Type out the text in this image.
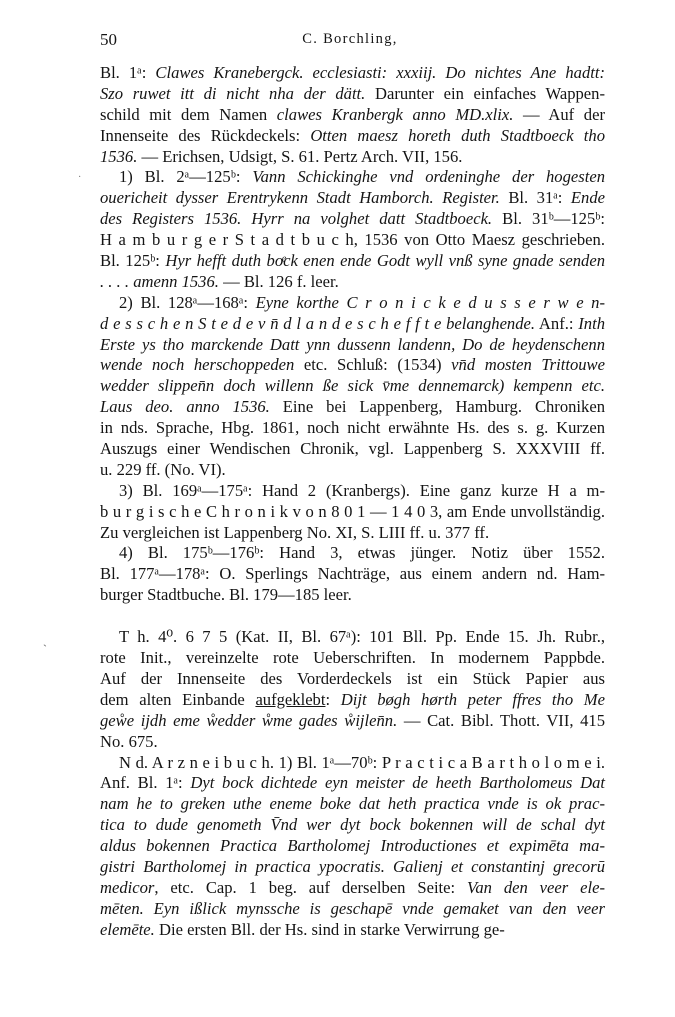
50	C. Borchling,
Bl. 1ᵃ: Clawes Kranebergck. ecclesiasti: xxxiij. Do nichtes Ane hadtt:
Szo ruwet itt di nicht nha der dätt. Darunter ein einfaches Wappen-
schild mit dem Namen clawes Kranbergk anno MD.xlix. — Auf der
Innenseite des Rückdeckels: Otten maesz horeth duth Stadtboeck tho
1536. — Erichsen, Udsigt, S. 61. Pertz Arch. VII, 156.
1) Bl. 2ᵃ—125ᵇ: Vann Schickinghe vnd ordeninghe der hogesten
ouericheit dysser Erentrykenn Stadt Hamborch. Register. Bl. 31ᵃ: Ende
des Registers 1536. Hyrr na volghet datt Stadtboeck. Bl. 31ᵇ—125ᵇ:
H a m b u r g e r S t a d t b u c h, 1536 von Otto Maesz geschrieben.
Bl. 125ᵇ: Hyr hefft duth boͤck enen ende Godt wyll vnß syne gnade senden
. . . . amenn 1536. — Bl. 126 f. leer.
2) Bl. 128ᵃ—168ᵃ: Eyne korthe C r o n i c k e d u s s e r w e n-
d e s s c h e n S t e d e v n̄ d l a n d e s c h e f f t e belanghende. Anf.: Inth
Erste ys tho marckende Datt ynn dussenn landenn, Do de heydenschenn
wende noch herschoppeden etc. Schluß: (1534) vn̄d mosten Trittouwe
wedder slippen̄n doch willenn ße sick v̄me dennemarck) kempenn etc.
Laus deo. anno 1536. Eine bei Lappenberg, Hamburg. Chroniken
in nds. Sprache, Hbg. 1861, noch nicht erwähnte Hs. des s. g. Kurzen
Auszugs einer Wendischen Chronik, vgl. Lappenberg S. XXXVIII ff.
u. 229 ff. (No. VI).
3) Bl. 169ᵃ—175ᵃ: Hand 2 (Kranbergs). Eine ganz kurze H a m-
b u r g i s c h e C h r o n i k v o n 8 0 1 — 1 4 0 3, am Ende unvollständig.
Zu vergleichen ist Lappenberg No. XI, S. LIII ff. u. 377 ff.
4) Bl. 175ᵇ—176ᵇ: Hand 3, etwas jünger. Notiz über 1552.
Bl. 177ᵃ—178ᵃ: O. Sperlings Nachträge, aus einem andern nd. Ham-
burger Stadtbuche. Bl. 179—185 leer.
T h. 4⁰. 6 7 5 (Kat. II, Bl. 67ᵃ): 101 Bll. Pp. Ende 15. Jh. Rubr.,
rote Init., vereinzelte rote Ueberschriften. In modernem Pappbde.
Auf der Innenseite des Vorderdeckels ist ein Stück Papier aus
dem alten Einbande aufgeklebt: Dijt bøgh hørth peter ffres tho Me
geẘe ijdh eme ẘedder ẘme gades ẘijlen̄n. — Cat. Bibl. Thott. VII, 415
No. 675.
N d. A r z n e i b u c h. 1) Bl. 1ᵃ—70ᵇ: P r a c t i c a B a r t h o l o m e i.
Anf. Bl. 1ᵃ: Dyt bock dichtede eyn meister de heeth Bartholomeus Dat
nam he to greken uthe eneme boke dat heth practica vnde is ok prac-
tica to dude genometh V̄nd wer dyt bock bokennen will de schal dyt
aldus bokennen Practica Bartholomej Introductiones et expimēta ma-
gistri Bartholomej in practica ypocratis. Galienj et constantinj grecorū
medicor, etc. Cap. 1 beg. auf derselben Seite: Van den veer ele-
mēten. Eyn ißlick mynssche is geschapē vnde gemaket van den veer
elemēte. Die ersten Bll. der Hs. sind in starke Verwirrung ge-
`
·
